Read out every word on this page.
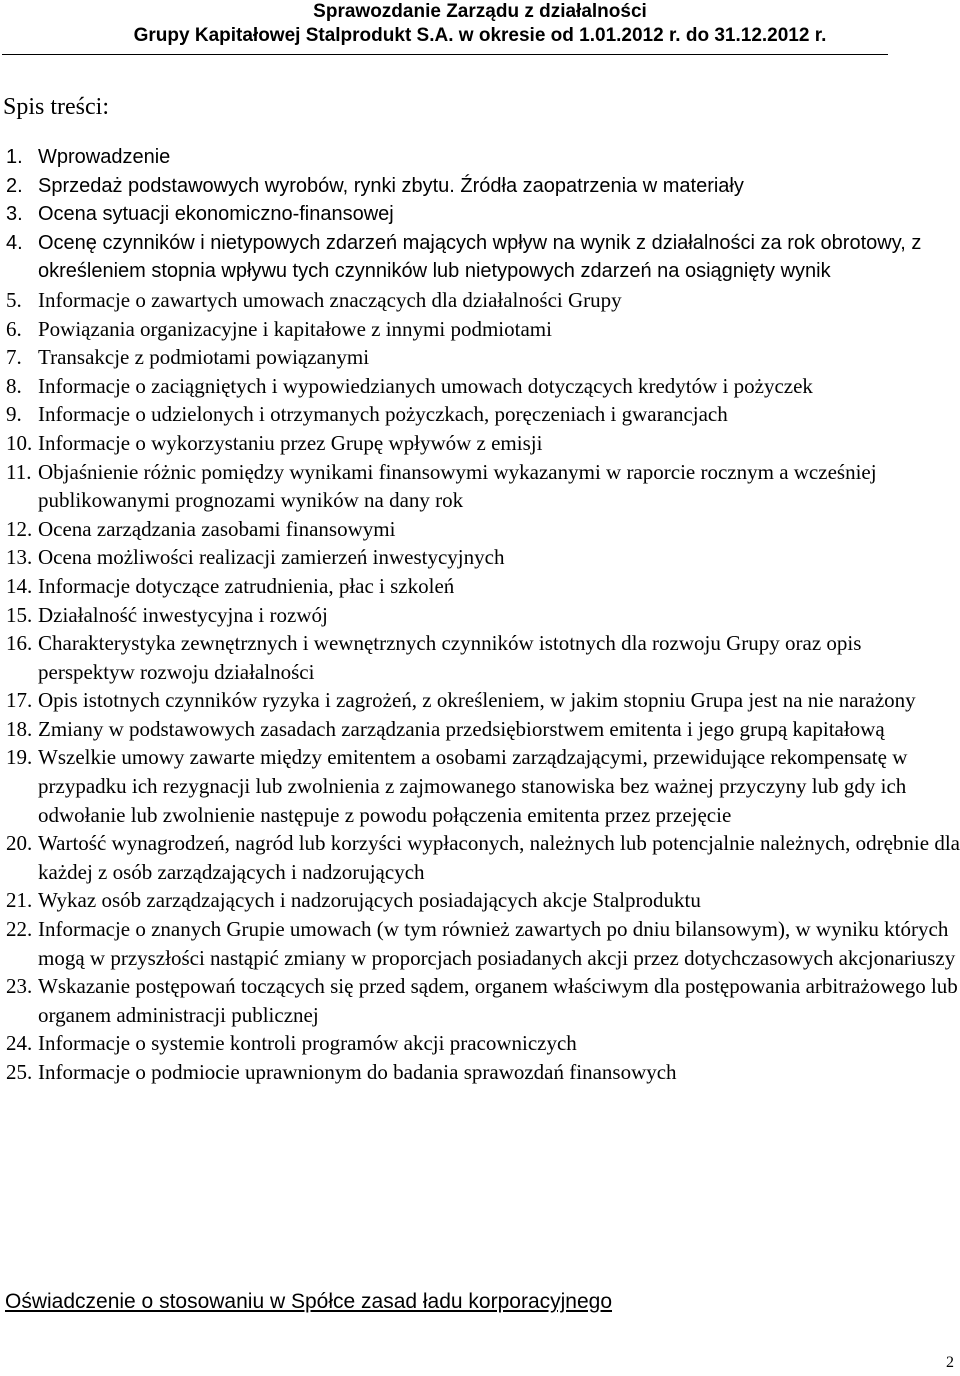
Sprawozdanie Zarządu z działalności
Grupy Kapitałowej Stalprodukt S.A. w okresie od 1.01.2012 r. do 31.12.2012 r.
Spis treści:
1. Wprowadzenie
2. Sprzedaż podstawowych wyrobów, rynki zbytu. Źródła zaopatrzenia w materiały
3. Ocena sytuacji ekonomiczno-finansowej
4. Ocenę czynników i nietypowych zdarzeń mających wpływ na wynik z działalności za rok obrotowy, z określeniem stopnia wpływu tych czynników lub nietypowych zdarzeń na osiągnięty wynik
5. Informacje o zawartych umowach znaczących dla działalności Grupy
6. Powiązania organizacyjne i kapitałowe z innymi podmiotami
7. Transakcje z podmiotami powiązanymi
8. Informacje o zaciągniętych i wypowiedzianych umowach dotyczących kredytów i pożyczek
9. Informacje o udzielonych i otrzymanych pożyczkach, poręczeniach i gwarancjach
10. Informacje o wykorzystaniu przez Grupę wpływów z emisji
11. Objaśnienie różnic pomiędzy wynikami finansowymi wykazanymi w raporcie rocznym a wcześniej publikowanymi prognozami wyników na dany rok
12. Ocena zarządzania zasobami finansowymi
13. Ocena możliwości realizacji zamierzeń inwestycyjnych
14. Informacje dotyczące zatrudnienia, płac i szkoleń
15. Działalność inwestycyjna i rozwój
16. Charakterystyka zewnętrznych i wewnętrznych czynników istotnych dla rozwoju Grupy oraz opis perspektyw rozwoju działalności
17. Opis istotnych czynników ryzyka i zagrożeń, z określeniem, w jakim stopniu Grupa jest na nie narażony
18. Zmiany w podstawowych zasadach zarządzania przedsiębiorstwem emitenta i jego grupą kapitałową
19. Wszelkie umowy zawarte między emitentem a osobami zarządzającymi, przewidujące rekompensatę w przypadku ich rezygnacji lub zwolnienia z zajmowanego stanowiska bez ważnej przyczyny lub gdy ich odwołanie lub zwolnienie następuje z powodu połączenia emitenta przez przejęcie
20. Wartość wynagrodzeń, nagród lub korzyści wypłaconych, należnych lub potencjalnie należnych, odrębnie dla każdej z osób zarządzających i nadzorujących
21. Wykaz osób zarządzających i nadzorujących posiadających akcje Stalproduktu
22. Informacje o znanych Grupie umowach (w tym również zawartych po dniu bilansowym), w wyniku których mogą w przyszłości nastąpić zmiany w proporcjach posiadanych akcji przez dotychczasowych akcjonariuszy
23. Wskazanie postępowań toczących się przed sądem, organem właściwym dla postępowania arbitrażowego lub organem administracji publicznej
24. Informacje o systemie kontroli programów akcji pracowniczych
25. Informacje o podmiocie uprawnionym do badania sprawozdań finansowych
Oświadczenie o stosowaniu w Spółce zasad ładu korporacyjnego
2
